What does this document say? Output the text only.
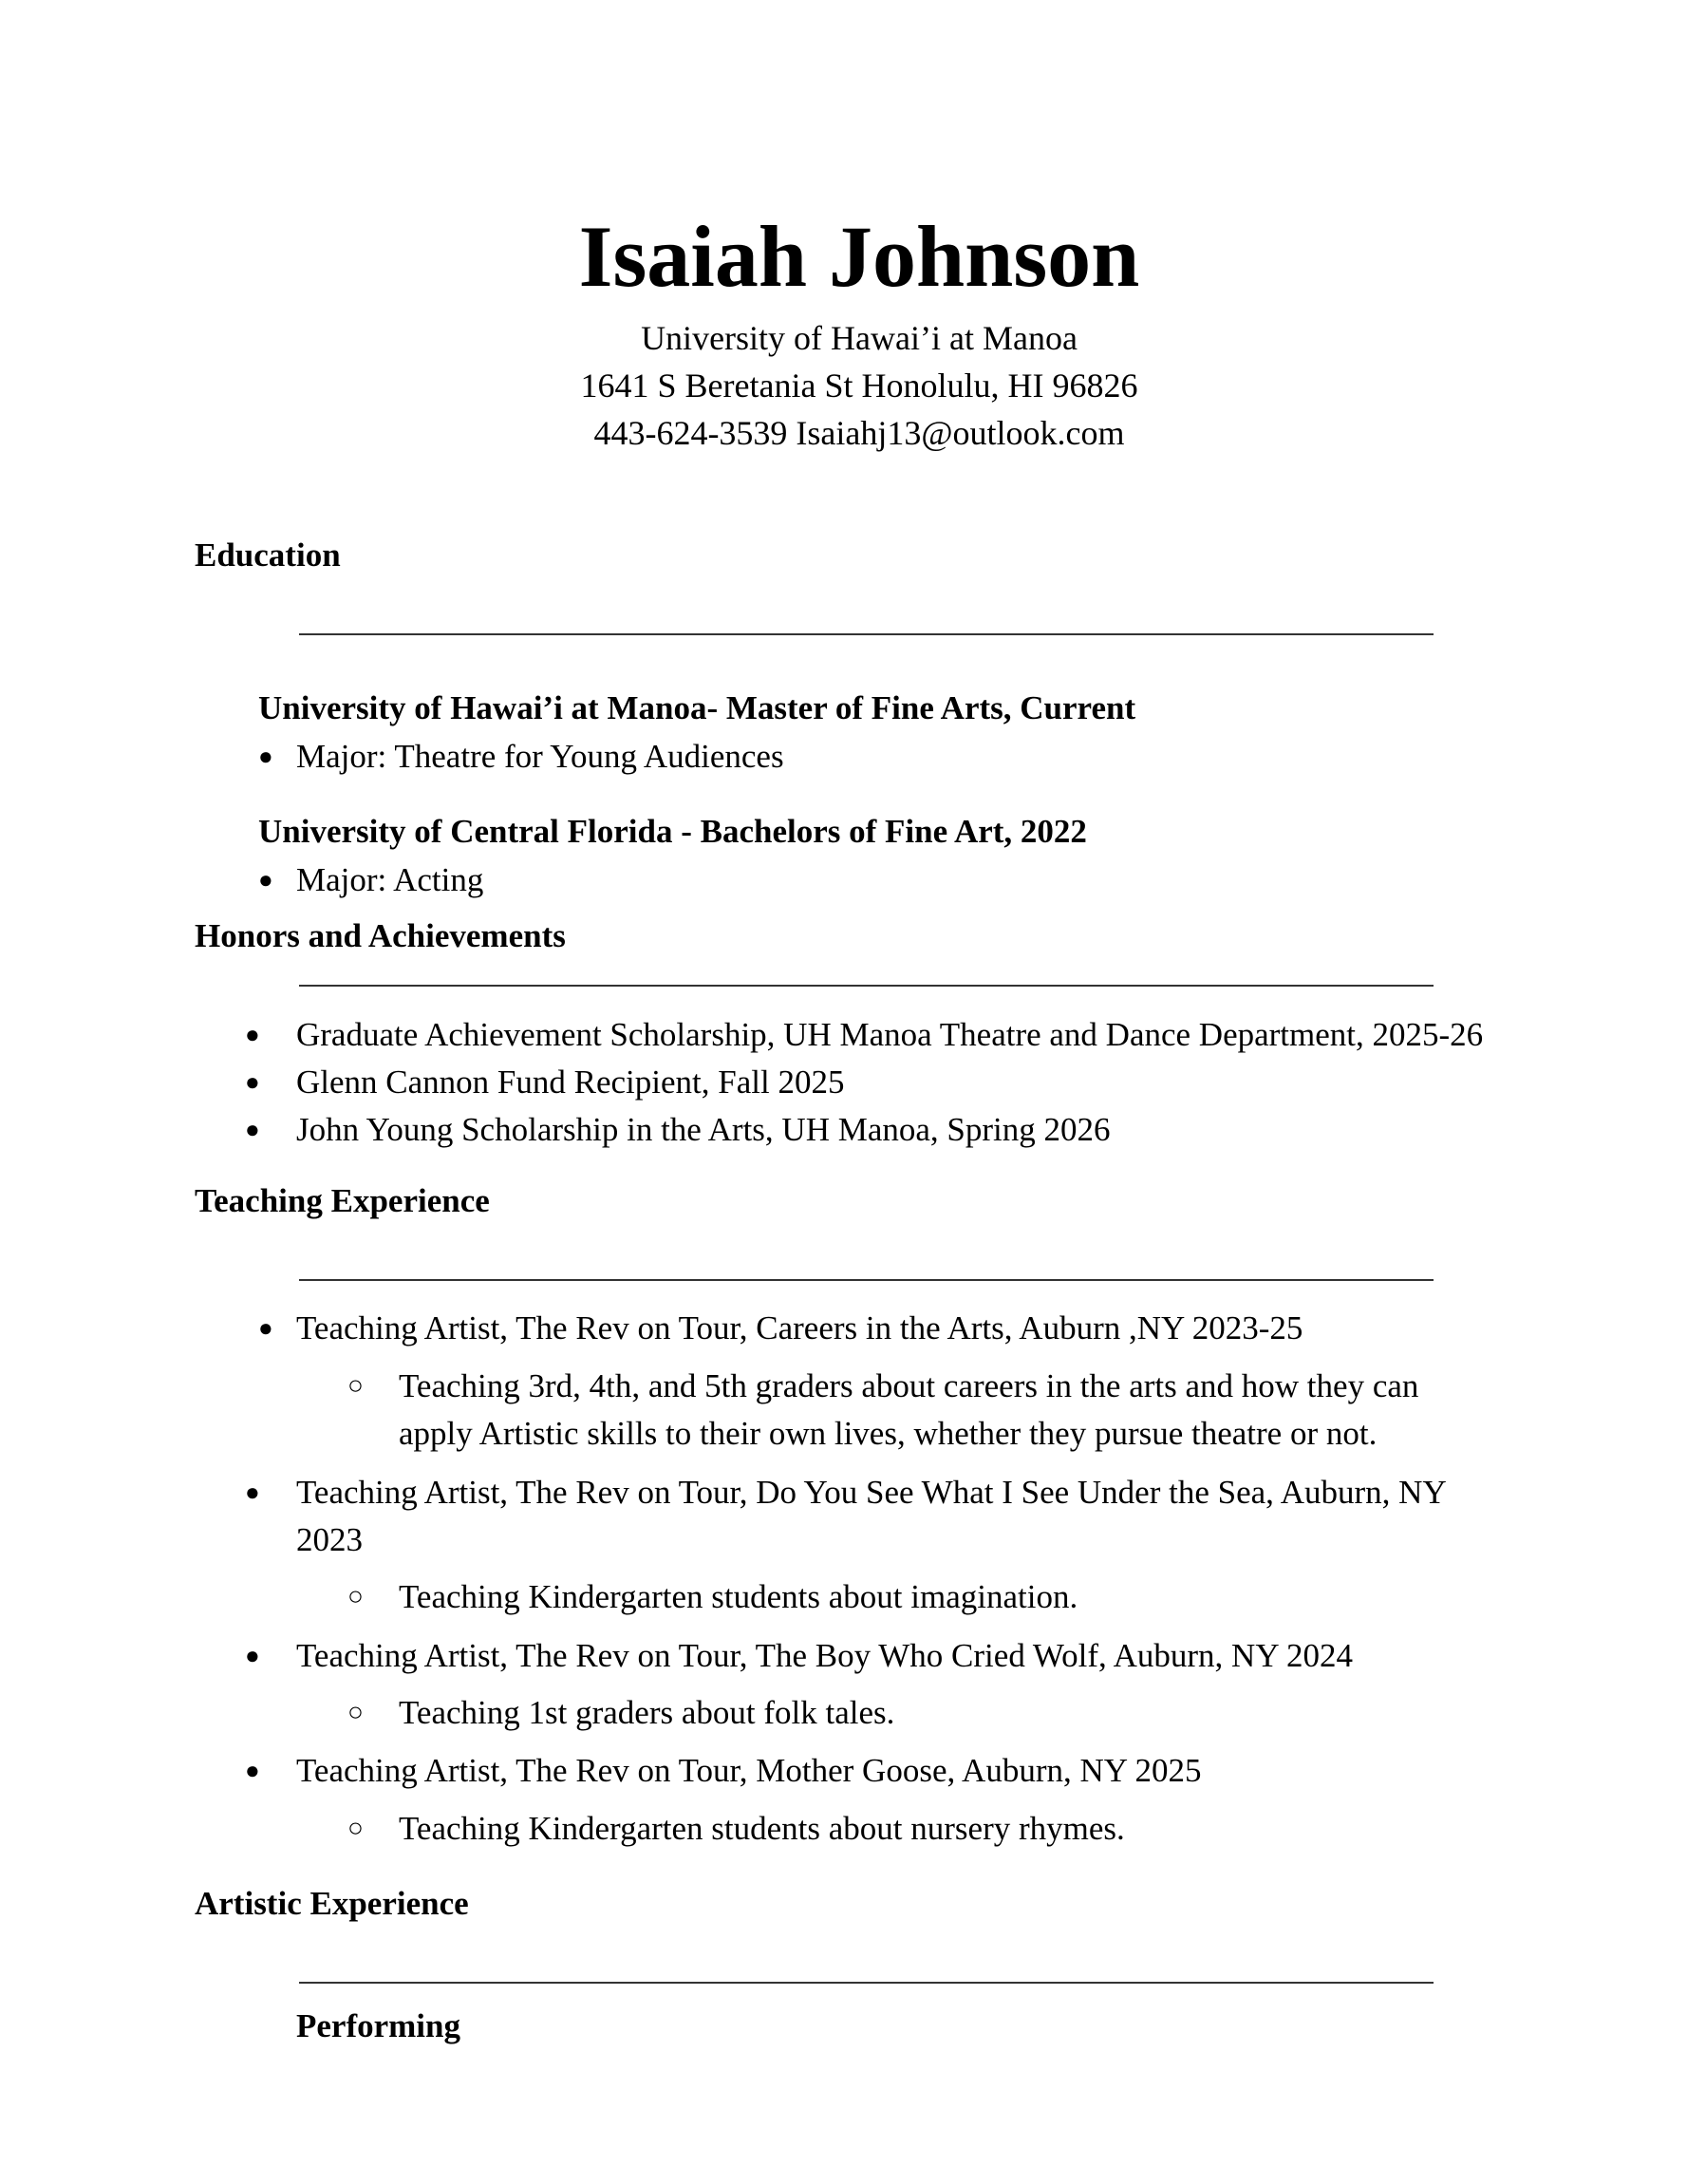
Isaiah Johnson
University of Hawai’i at Manoa
1641 S Beretania St Honolulu, HI 96826
443-624-3539 Isaiahj13@outlook.com
Education
University of Hawai’i at Manoa- Master of Fine Arts, Current
● Major: Theatre for Young Audiences
University of Central Florida - Bachelors of Fine Art, 2022
● Major: Acting
Honors and Achievements
● Graduate Achievement Scholarship, UH Manoa Theatre and Dance Department, 2025-26
● Glenn Cannon Fund Recipient, Fall 2025
● John Young Scholarship in the Arts, UH Manoa, Spring 2026
Teaching Experience
● Teaching Artist, The Rev on Tour, Careers in the Arts, Auburn ,NY 2023-25
○ Teaching 3rd, 4th, and 5th graders about careers in the arts and how they can
apply Artistic skills to their own lives, whether they pursue theatre or not.
● Teaching Artist, The Rev on Tour, Do You See What I See Under the Sea, Auburn, NY
2023
○ Teaching Kindergarten students about imagination.
● Teaching Artist, The Rev on Tour, The Boy Who Cried Wolf, Auburn, NY 2024
○ Teaching 1st graders about folk tales.
● Teaching Artist, The Rev on Tour, Mother Goose, Auburn, NY 2025
○ Teaching Kindergarten students about nursery rhymes.
Artistic Experience
Performing
